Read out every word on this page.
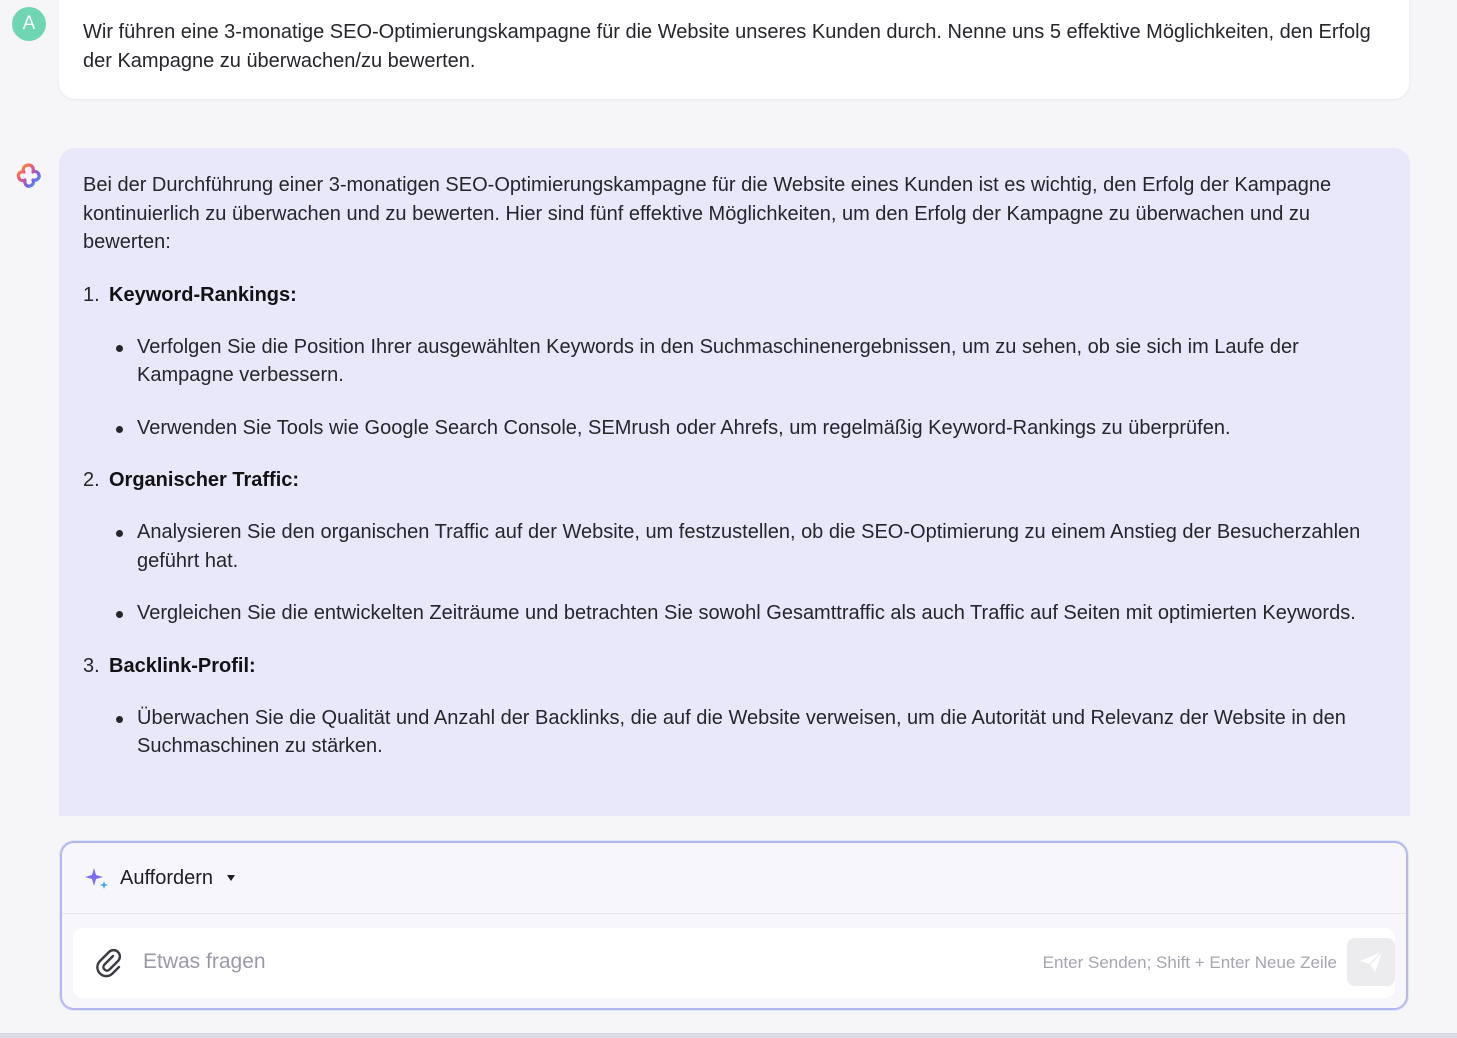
A	Wir führen eine 3-monatige SEO-Optimierungskampagne für die Website unseres Kunden durch. Nenne uns 5 effektive Möglichkeiten, den Erfolg der Kampagne zu überwachen/zu bewerten.

Bei der Durchführung einer 3-monatigen SEO-Optimierungskampagne für die Website eines Kunden ist es wichtig, den Erfolg der Kampagne kontinuierlich zu überwachen und zu bewerten. Hier sind fünf effektive Möglichkeiten, um den Erfolg der Kampagne zu überwachen und zu bewerten:

1. Keyword-Rankings:
Verfolgen Sie die Position Ihrer ausgewählten Keywords in den Suchmaschinenergebnissen, um zu sehen, ob sie sich im Laufe der Kampagne verbessern.
Verwenden Sie Tools wie Google Search Console, SEMrush oder Ahrefs, um regelmäßig Keyword-Rankings zu überprüfen.
2. Organischer Traffic:
Analysieren Sie den organischen Traffic auf der Website, um festzustellen, ob die SEO-Optimierung zu einem Anstieg der Besucherzahlen geführt hat.
Vergleichen Sie die entwickelten Zeiträume und betrachten Sie sowohl Gesamttraffic als auch Traffic auf Seiten mit optimierten Keywords.
3. Backlink-Profil:
Überwachen Sie die Qualität und Anzahl der Backlinks, die auf die Website verweisen, um die Autorität und Relevanz der Website in den Suchmaschinen zu stärken.
Auffordern
Etwas fragen
Enter Senden; Shift + Enter Neue Zeile
